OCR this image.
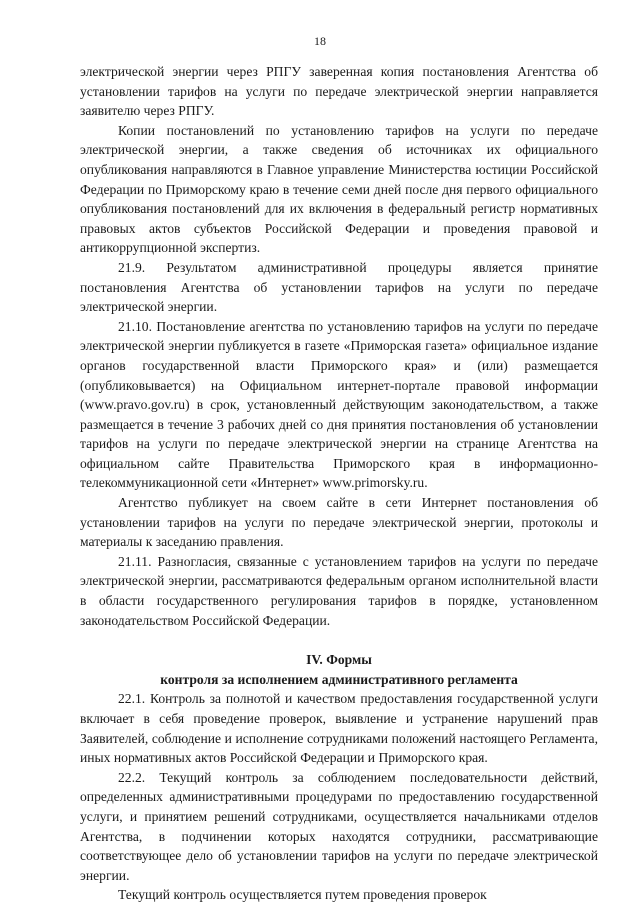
18

электрической энергии через РПГУ заверенная копия постановления Агентства об установлении тарифов на услуги по передаче электрической энергии направляется заявителю через РПГУ.

Копии постановлений по установлению тарифов на услуги по передаче электрической энергии, а также сведения об источниках их официального опубликования направляются в Главное управление Министерства юстиции Российской Федерации по Приморскому краю в течение семи дней после дня первого официального опубликования постановлений для их включения в федеральный регистр нормативных правовых актов субъектов Российской Федерации и проведения правовой и антикоррупционной экспертиз.

21.9. Результатом административной процедуры является принятие постановления Агентства об установлении тарифов на услуги по передаче электрической энергии.

21.10. Постановление агентства по установлению тарифов на услуги по передаче электрической энергии публикуется в газете «Приморская газета» официальное издание органов государственной власти Приморского края» и (или) размещается (опубликовывается) на Официальном интернет-портале правовой информации (www.pravo.gov.ru) в срок, установленный действующим законодательством, а также размещается в течение 3 рабочих дней со дня принятия постановления об установлении тарифов на услуги по передаче электрической энергии на странице Агентства на официальном сайте Правительства Приморского края в информационно-телекоммуникационной сети «Интернет» www.primorsky.ru.

Агентство публикует на своем сайте в сети Интернет постановления об установлении тарифов на услуги по передаче электрической энергии, протоколы и материалы к заседанию правления.

21.11. Разногласия, связанные с установлением тарифов на услуги по передаче электрической энергии, рассматриваются федеральным органом исполнительной власти в области государственного регулирования тарифов в порядке, установленном законодательством Российской Федерации.

IV. Формы
контроля за исполнением административного регламента

22.1. Контроль за полнотой и качеством предоставления государственной услуги включает в себя проведение проверок, выявление и устранение нарушений прав Заявителей, соблюдение и исполнение сотрудниками положений настоящего Регламента, иных нормативных актов Российской Федерации и Приморского края.

22.2. Текущий контроль за соблюдением последовательности действий, определенных административными процедурами по предоставлению государственной услуги, и принятием решений сотрудниками, осуществляется начальниками отделов Агентства, в подчинении которых находятся сотрудники, рассматривающие соответствующее дело об установлении тарифов на услуги по передаче электрической энергии.

Текущий контроль осуществляется путем проведения проверок
